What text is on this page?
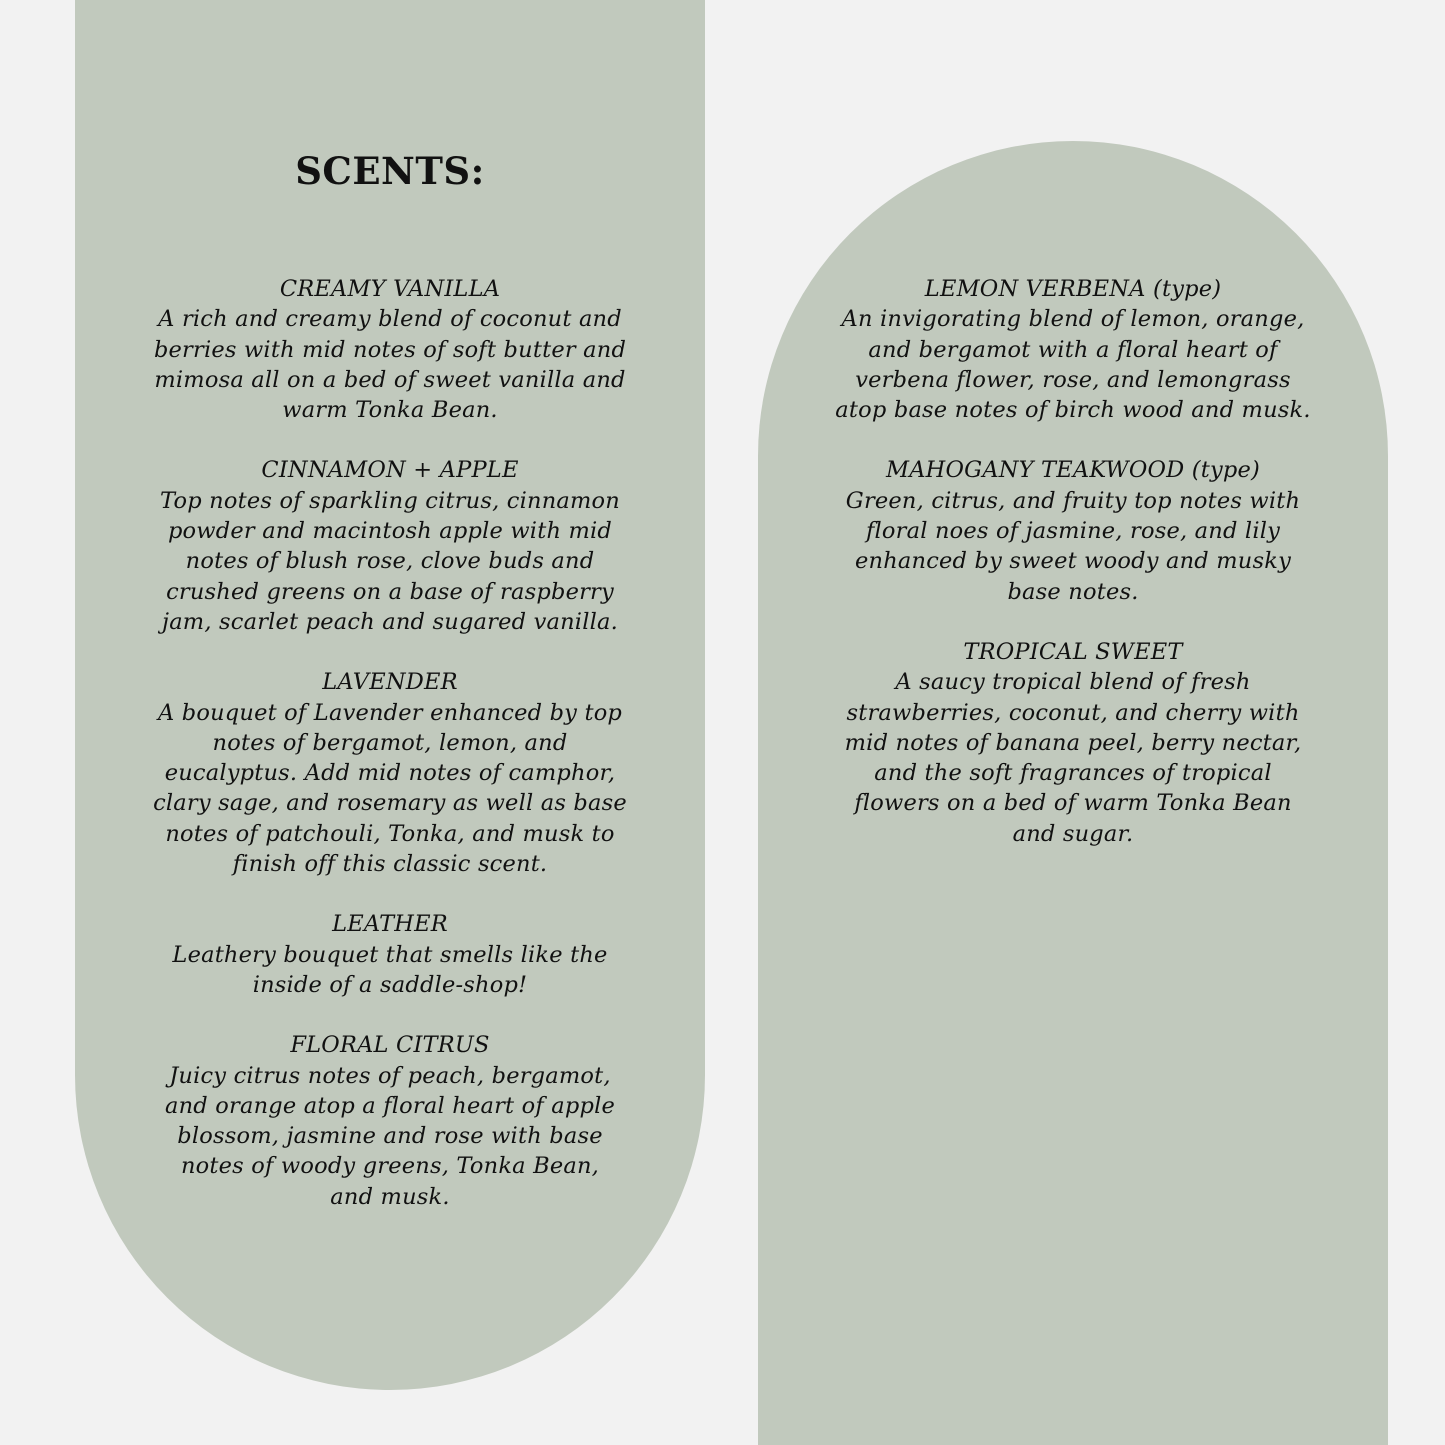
SCENTS:

CREAMY VANILLA

A rich and creamy blend of coconut and
berries with mid notes of soft butter and
mimosa all on a bed of sweet vanilla and
warm Tonka Bean.

CINNAMON + APPLE

Top notes of sparkling citrus, cinnamon
powder and macintosh apple with mid
notes of blush rose, clove buds and
crushed greens on a base of raspberry
jam, scarlet peach and sugared vanilla.

LAVENDER

A bouquet of Lavender enhanced by top
notes of bergamot, lemon, and
eucalyptus. Add mid notes of camphor,
clary sage, and rosemary as well as base
notes of patchouli, Tonka, and musk to
finish off this classic scent.

LEATHER

Leathery bouquet that smells like the
inside of a saddle-shop!

FLORAL CITRUS

Juicy citrus notes of peach, bergamot,
and orange atop a floral heart of apple
blossom, jasmine and rose with base
notes of woody greens, Tonka Bean,
and musk.

LEMON VERBENA (type)

An invigorating blend of lemon, orange,
and bergamot with a floral heart of
verbena flower, rose, and lemongrass
atop base notes of birch wood and musk.

MAHOGANY TEAKWOOD (type)

Green, citrus, and fruity top notes with
floral noes of jasmine, rose, and lily
enhanced by sweet woody and musky
base notes.

TROPICAL SWEET

A saucy tropical blend of fresh
strawberries, coconut, and cherry with
mid notes of banana peel, berry nectar,
and the soft fragrances of tropical
flowers on a bed of warm Tonka Bean
and sugar.
